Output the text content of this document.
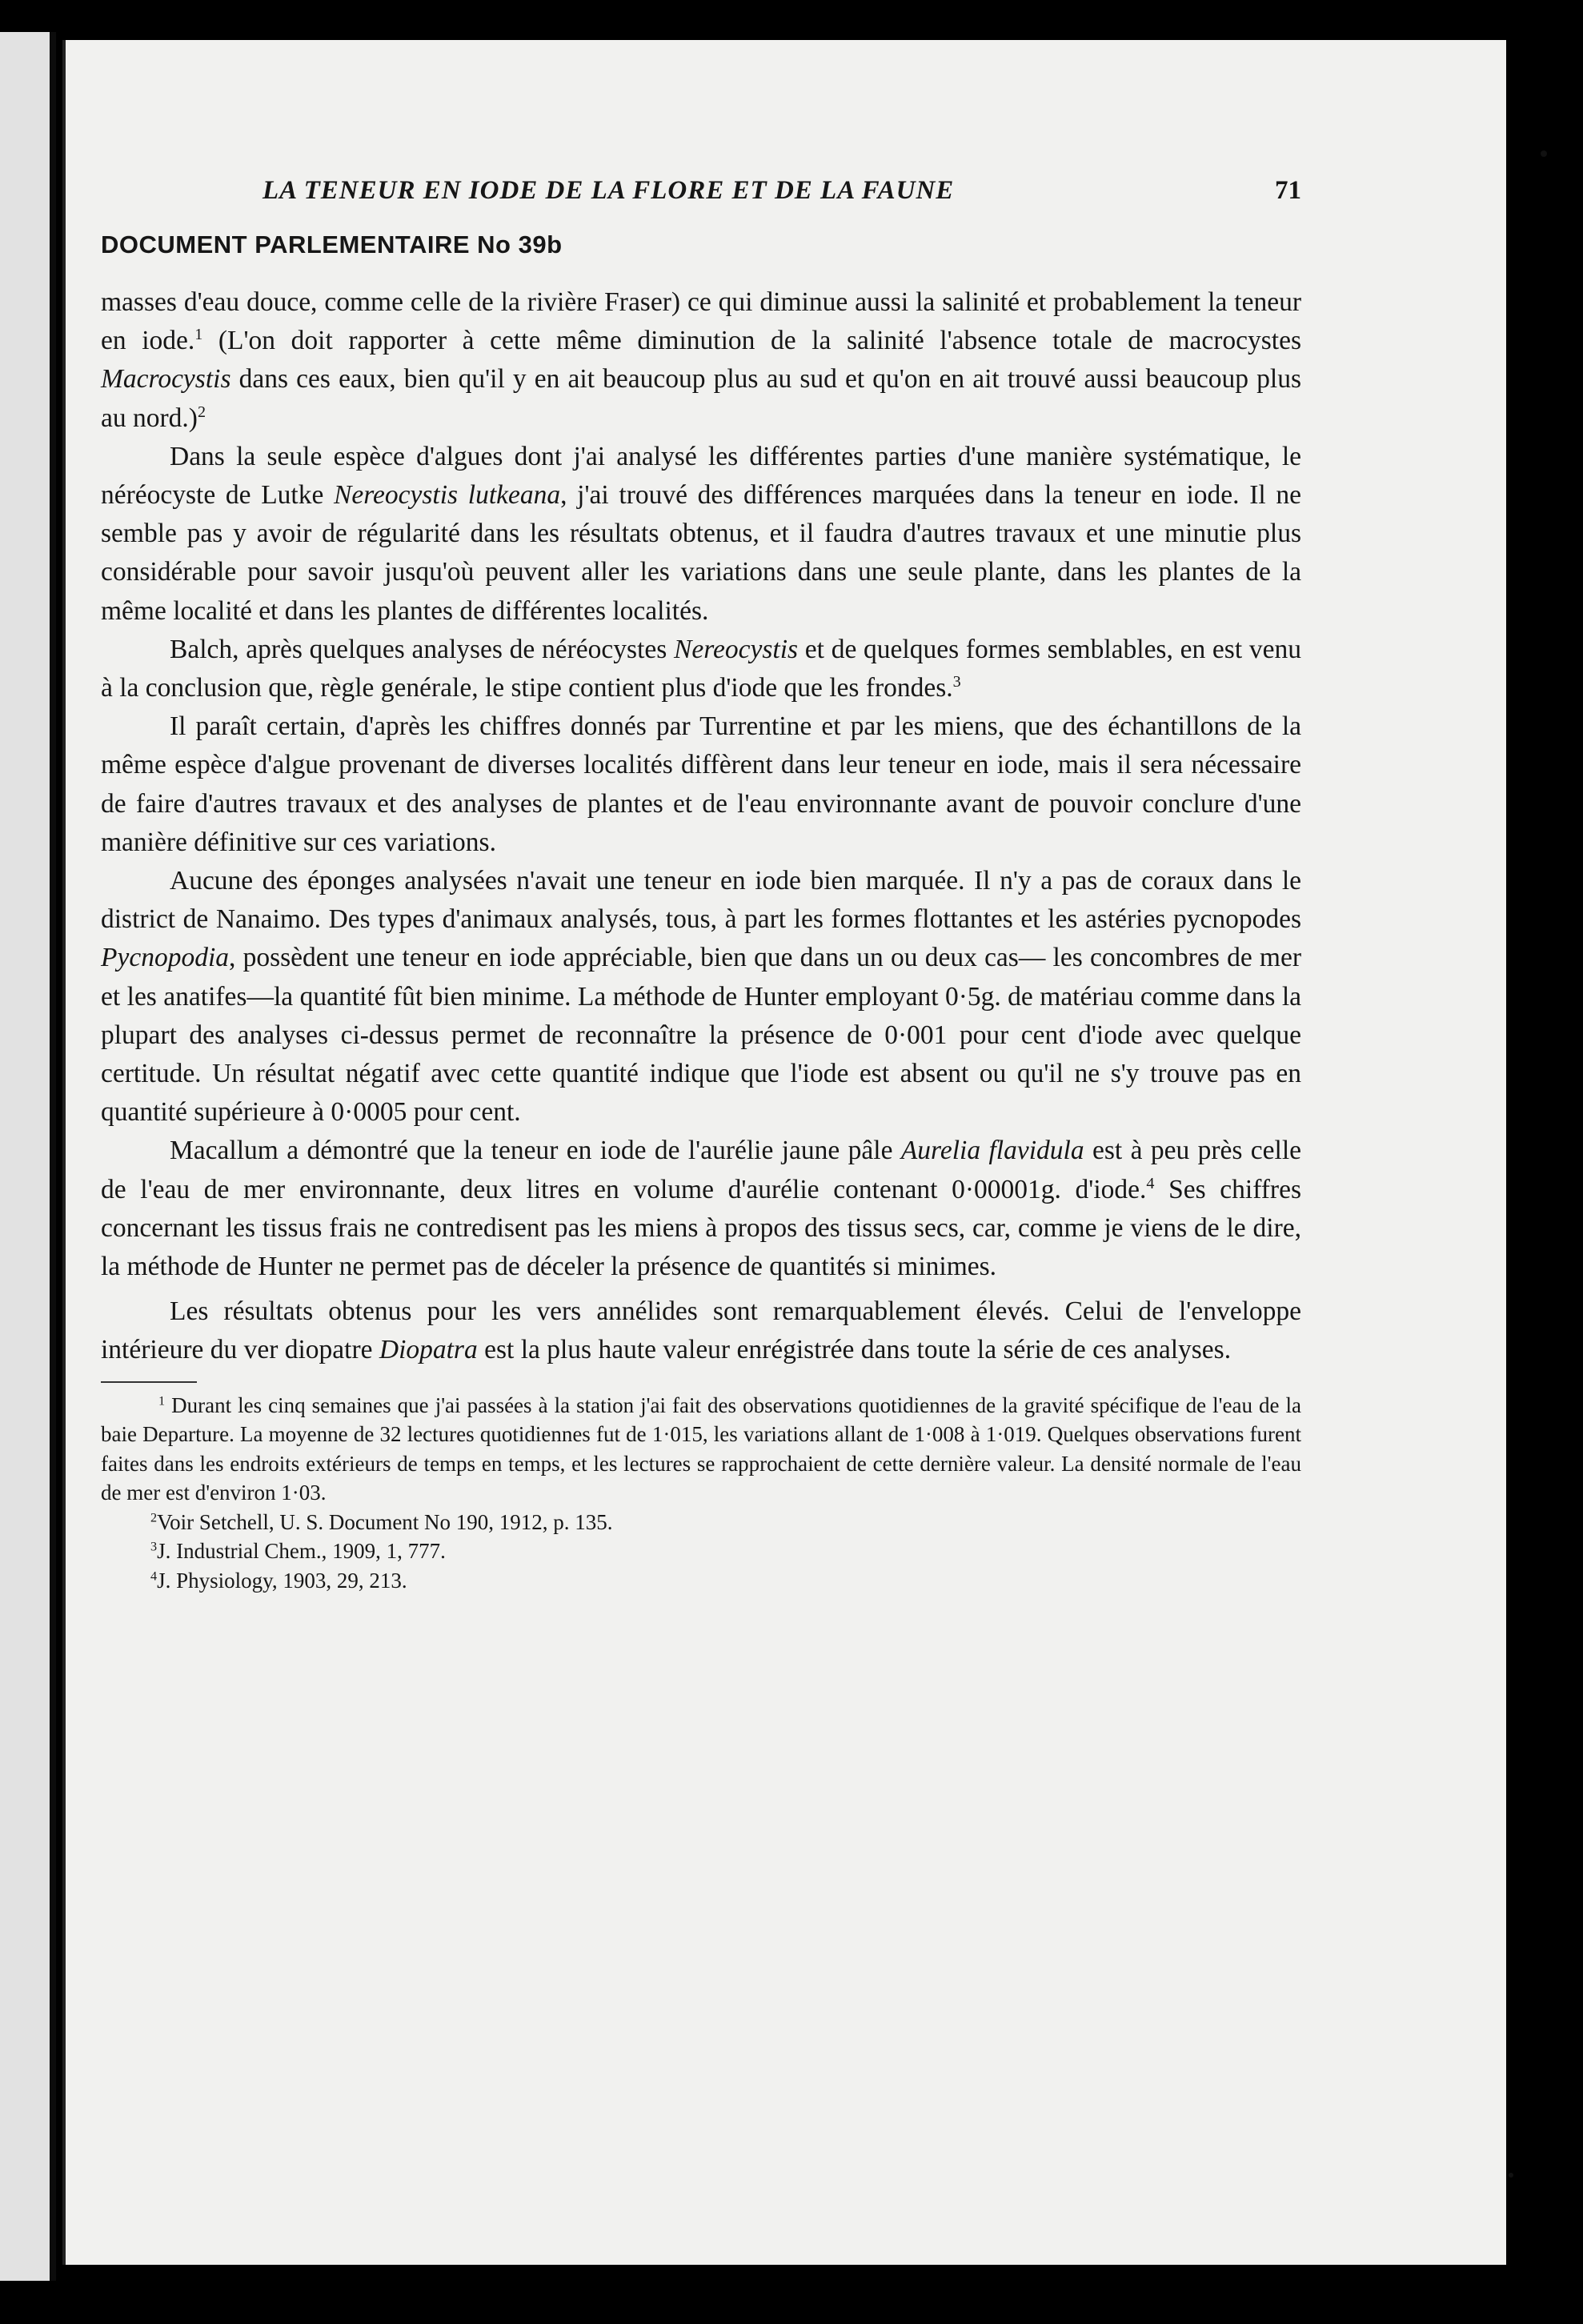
LA TENEUR EN IODE DE LA FLORE ET DE LA FAUNE	71
DOCUMENT PARLEMENTAIRE No 39b

masses d'eau douce, comme celle de la rivière Fraser) ce qui diminue aussi la salinité et probablement la teneur en iode.$^1$ (L'on doit rapporter à cette même diminution de la salinité l'absence totale de macrocystes Macrocystis dans ces eaux, bien qu'il y en ait beaucoup plus au sud et qu'on en ait trouvé aussi beaucoup plus au nord.)$^2$

Dans la seule espèce d'algues dont j'ai analysé les différentes parties d'une manière systématique, le néréocyste de Lutke Nereocystis lutkeana, j'ai trouvé des différences marquées dans la teneur en iode. Il ne semble pas y avoir de régularité dans les résultats obtenus, et il faudra d'autres travaux et une minutie plus considérable pour savoir jusqu'où peuvent aller les variations dans une seule plante, dans les plantes de la même localité et dans les plantes de différentes localités.

Balch, après quelques analyses de néréocystes Nereocystis et de quelques formes semblables, en est venu à la conclusion que, règle genérale, le stipe contient plus d'iode que les frondes.$^3$

Il paraît certain, d'après les chiffres donnés par Turrentine et par les miens, que des échantillons de la même espèce d'algue provenant de diverses localités diffèrent dans leur teneur en iode, mais il sera nécessaire de faire d'autres travaux et des analyses de plantes et de l'eau environnante avant de pouvoir conclure d'une manière définitive sur ces variations.

Aucune des éponges analysées n'avait une teneur en iode bien marquée. Il n'y a pas de coraux dans le district de Nanaimo. Des types d'animaux analysés, tous, à part les formes flottantes et les astéries pycnopodes Pycnopodia, possèdent une teneur en iode appréciable, bien que dans un ou deux cas— les concombres de mer et les anatifes—la quantité fût bien minime. La méthode de Hunter employant 0·5g. de matériau comme dans la plupart des analyses ci-dessus permet de reconnaître la présence de 0·001 pour cent d'iode avec quelque certitude. Un résultat négatif avec cette quantité indique que l'iode est absent ou qu'il ne s'y trouve pas en quantité supérieure à 0·0005 pour cent.

Macallum a démontré que la teneur en iode de l'aurélie jaune pâle Aurelia flavidula est à peu près celle de l'eau de mer environnante, deux litres en volume d'aurélie contenant 0·00001g. d'iode.$^4$ Ses chiffres concernant les tissus frais ne contredisent pas les miens à propos des tissus secs, car, comme je viens de le dire, la méthode de Hunter ne permet pas de déceler la présence de quantités si minimes.

Les résultats obtenus pour les vers annélides sont remarquablement élevés. Celui de l'enveloppe intérieure du ver diopatre Diopatra est la plus haute valeur enrégistrée dans toute la série de ces analyses.

$^1$ Durant les cinq semaines que j'ai passées à la station j'ai fait des observations quotidiennes de la gravité spécifique de l'eau de la baie Departure. La moyenne de 32 lectures quotidiennes fut de 1·015, les variations allant de 1·008 à 1·019. Quelques observations furent faites dans les endroits extérieurs de temps en temps, et les lectures se rapprochaient de cette dernière valeur. La densité normale de l'eau de mer est d'environ 1·03.

$^2$Voir Setchell, U. S. Document No 190, 1912, p. 135.

$^3$J. Industrial Chem., 1909, 1, 777.

$^4$J. Physiology, 1903, 29, 213.
